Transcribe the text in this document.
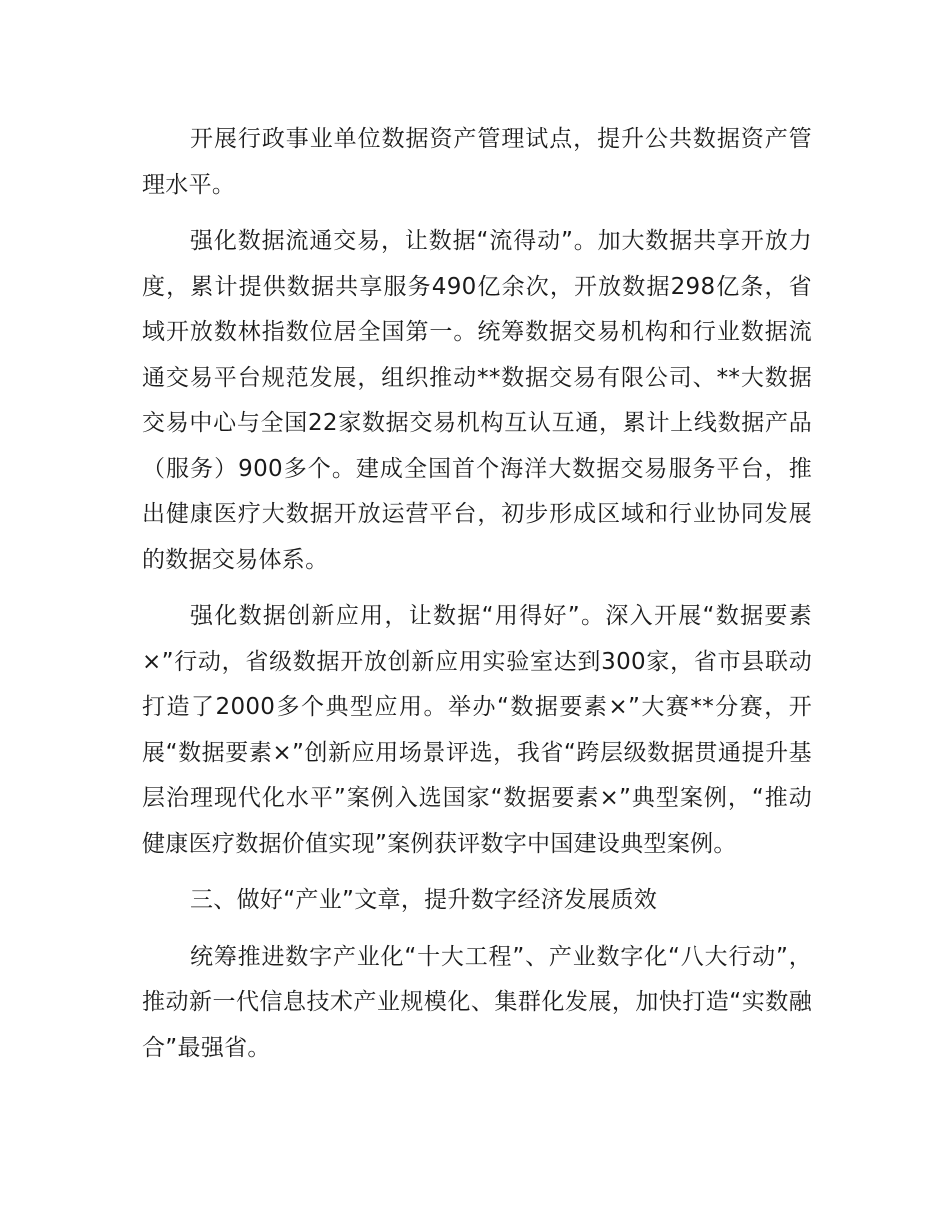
开展行政事业单位数据资产管理试点，提升公共数据资产管理水平。

强化数据流通交易，让数据“流得动”。加大数据共享开放力度，累计提供数据共享服务490亿余次，开放数据298亿条，省域开放数林指数位居全国第一。统筹数据交易机构和行业数据流通交易平台规范发展，组织推动**数据交易有限公司、**大数据交易中心与全国22家数据交易机构互认互通，累计上线数据产品（服务）900多个。建成全国首个海洋大数据交易服务平台，推出健康医疗大数据开放运营平台，初步形成区域和行业协同发展的数据交易体系。

强化数据创新应用，让数据“用得好”。深入开展“数据要素×”行动，省级数据开放创新应用实验室达到300家，省市县联动打造了2000多个典型应用。举办“数据要素×”大赛**分赛，开展“数据要素×”创新应用场景评选，我省“跨层级数据贯通提升基层治理现代化水平”案例入选国家“数据要素×”典型案例，“推动健康医疗数据价值实现”案例获评数字中国建设典型案例。

三、做好“产业”文章，提升数字经济发展质效

统筹推进数字产业化“十大工程”、产业数字化“八大行动”，推动新一代信息技术产业规模化、集群化发展，加快打造“实数融合”最强省。
